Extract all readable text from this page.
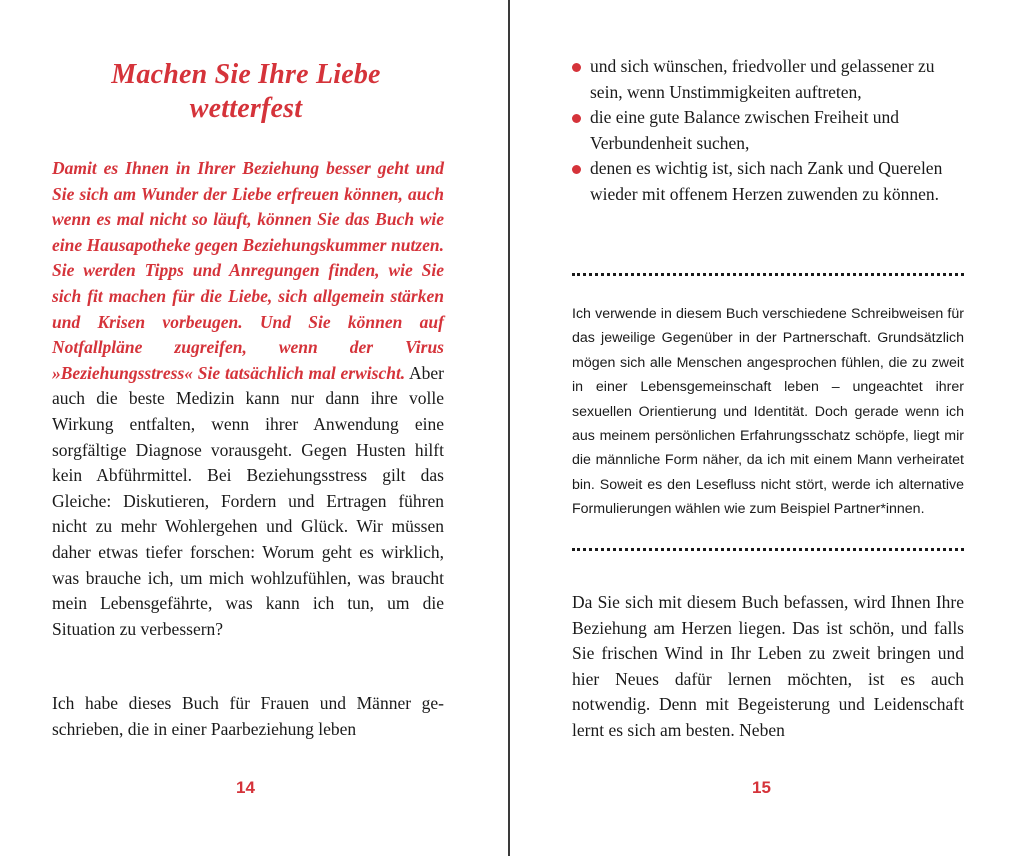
Machen Sie Ihre Liebe wetterfest
Damit es Ihnen in Ihrer Beziehung besser geht und Sie sich am Wunder der Liebe erfreuen können, auch wenn es mal nicht so läuft, können Sie das Buch wie eine Hausapotheke gegen Beziehungskummer nutzen. Sie werden Tipps und Anregungen finden, wie Sie sich fit machen für die Liebe, sich allgemein stärken und Krisen vorbeugen. Und Sie können auf Notfallpläne zugreifen, wenn der Virus »Beziehungsstress« Sie tatsächlich mal erwischt. Aber auch die beste Medizin kann nur dann ihre volle Wirkung entfalten, wenn ihrer Anwendung eine sorgfältige Diagnose vorausgeht. Gegen Husten hilft kein Abführmittel. Bei Beziehungsstress gilt das Gleiche: Diskutieren, Fordern und Ertragen führen nicht zu mehr Wohlergehen und Glück. Wir müssen daher etwas tiefer forschen: Worum geht es wirklich, was brauche ich, um mich wohlzufühlen, was braucht mein Lebensgefährte, was kann ich tun, um die Situation zu verbessern?
Ich habe dieses Buch für Frauen und Männer geschrieben, die in einer Paarbeziehung leben
14
und sich wünschen, friedvoller und gelassener zu sein, wenn Unstimmigkeiten auftreten,
die eine gute Balance zwischen Freiheit und Verbundenheit suchen,
denen es wichtig ist, sich nach Zank und Querelen wieder mit offenem Herzen zuwenden zu können.
Ich verwende in diesem Buch verschiedene Schreibweisen für das jeweilige Gegenüber in der Partnerschaft. Grundsätzlich mögen sich alle Menschen angesprochen fühlen, die zu zweit in einer Lebensgemeinschaft leben – ungeachtet ihrer sexuellen Orientierung und Identität. Doch gerade wenn ich aus meinem persönlichen Erfahrungsschatz schöpfe, liegt mir die männliche Form näher, da ich mit einem Mann verheiratet bin. Soweit es den Lesefluss nicht stört, werde ich alternative Formulierungen wählen wie zum Beispiel Partner*innen.
Da Sie sich mit diesem Buch befassen, wird Ihnen Ihre Beziehung am Herzen liegen. Das ist schön, und falls Sie frischen Wind in Ihr Leben zu zweit bringen und hier Neues dafür lernen möchten, ist es auch notwendig. Denn mit Begeisterung und Leidenschaft lernt es sich am besten. Neben
15
